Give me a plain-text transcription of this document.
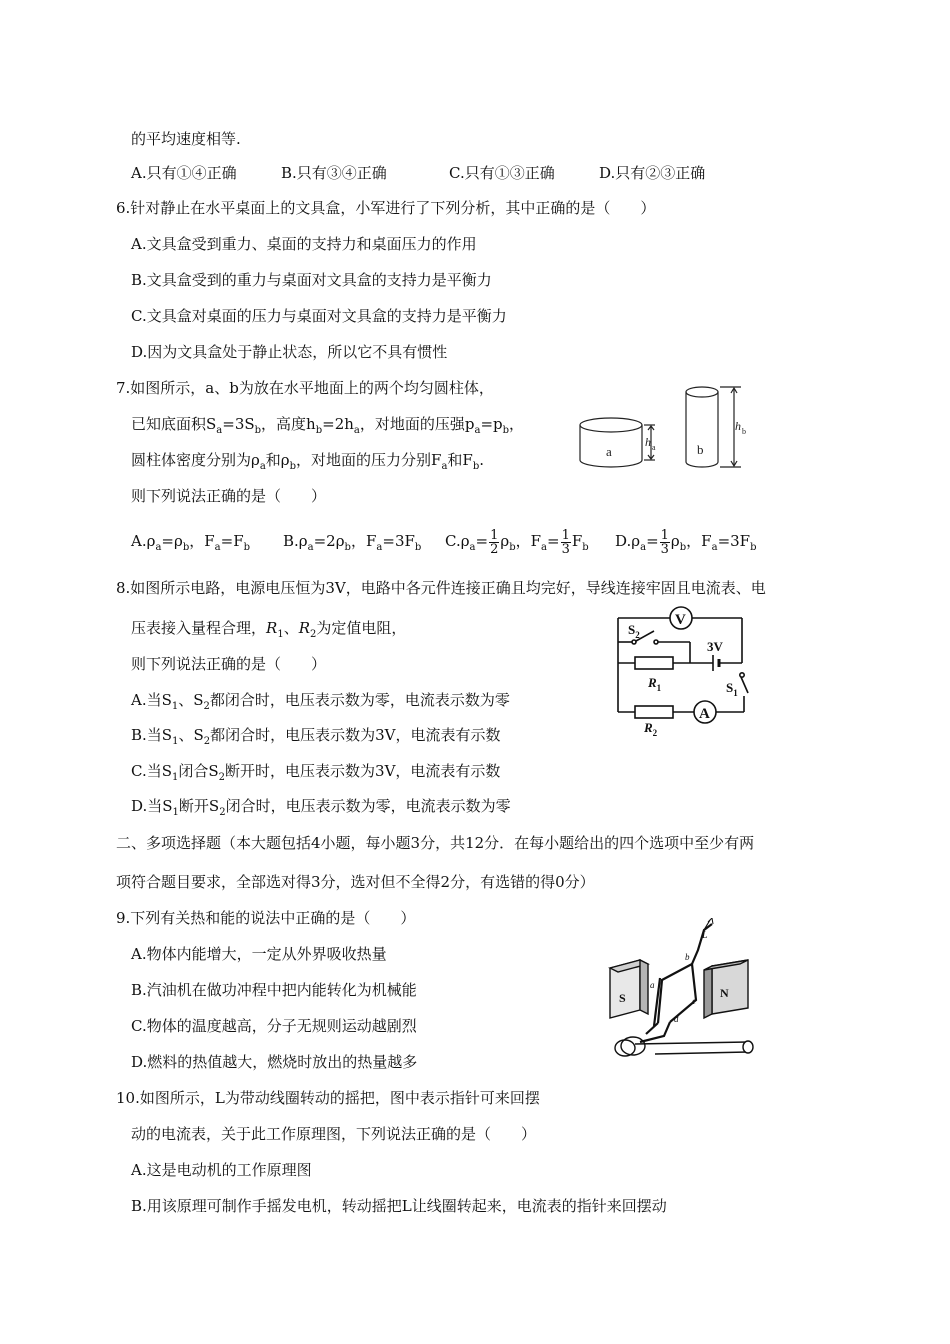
的平均速度相等.
A.只有①④正确	B.只有③④正确	C.只有①③正确	D.只有②③正确
6.针对静止在水平桌面上的文具盒，小军进行了下列分析，其中正确的是（　　）
A.文具盒受到重力、桌面的支持力和桌面压力的作用
B.文具盒受到的重力与桌面对文具盒的支持力是平衡力
C.文具盒对桌面的压力与桌面对文具盒的支持力是平衡力
D.因为文具盒处于静止状态，所以它不具有惯性
7.如图所示，a、b为放在水平地面上的两个均匀圆柱体，
已知底面积$S_a=3S_b$，高度$h_b=2h_a$，对地面的压强$p_a=p_b$，
圆柱体密度分别为$\rho_a$和$\rho_b$，对地面的压力分别$F_a$和$F_b$.
则下列说法正确的是（　　）
$A.\rho_a=\rho_b$，$F_a=F_b$ $B.\rho_a=2\rho_b$，$F_a=3F_b$ $C.\rho_a= \frac{1}{2} \rho_b$，$F_a= \frac{1}{3} F_b$ $D.\rho_a= \frac{1}{3} \rho_b$，$F_a=3F_b$
a
h a	b
h b
8.如图所示电路，电源电压恒为3V，电路中各元件连接正确且均完好，导线连接牢固且电流表、电
压表接入量程合理，$R_1$、$R_2$为定值电阻，
则下列说法正确的是（　　）
A.当$S_1$、$S_2$都闭合时，电压表示数为零，电流表示数为零
B.当$S_1$、$S_2$都闭合时，电压表示数为3V，电流表有示数
C.当$S_1$闭合$S_2$断开时，电压表示数为3V，电流表有示数
D.当$S_1$断开$S_2$闭合时，电压表示数为零，电流表示数为零
V
A
$S_2$
3V
$R_1$	$S_1$
$R_2$
二、多项选择题（本大题包括4小题，每小题3分，共12分．在每小题给出的四个选项中至少有两
项符合题目要求，全部选对得3分，选对但不全得2分，有选错的得0分）
9.下列有关热和能的说法中正确的是（　　）
A.物体内能增大，一定从外界吸收热量
B.汽油机在做功冲程中把内能转化为机械能
C.物体的温度越高，分子无规则运动越剧烈
D.燃料的热值越大，燃烧时放出的热量越多
S	N
L
a
b
c
d
10.如图所示，L为带动线圈转动的摇把，图中表示指针可来回摆
动的电流表，关于此工作原理图，下列说法正确的是（　　）
A.这是电动机的工作原理图
B.用该原理可制作手摇发电机，转动摇把L让线圈转起来，电流表的指针来回摆动
